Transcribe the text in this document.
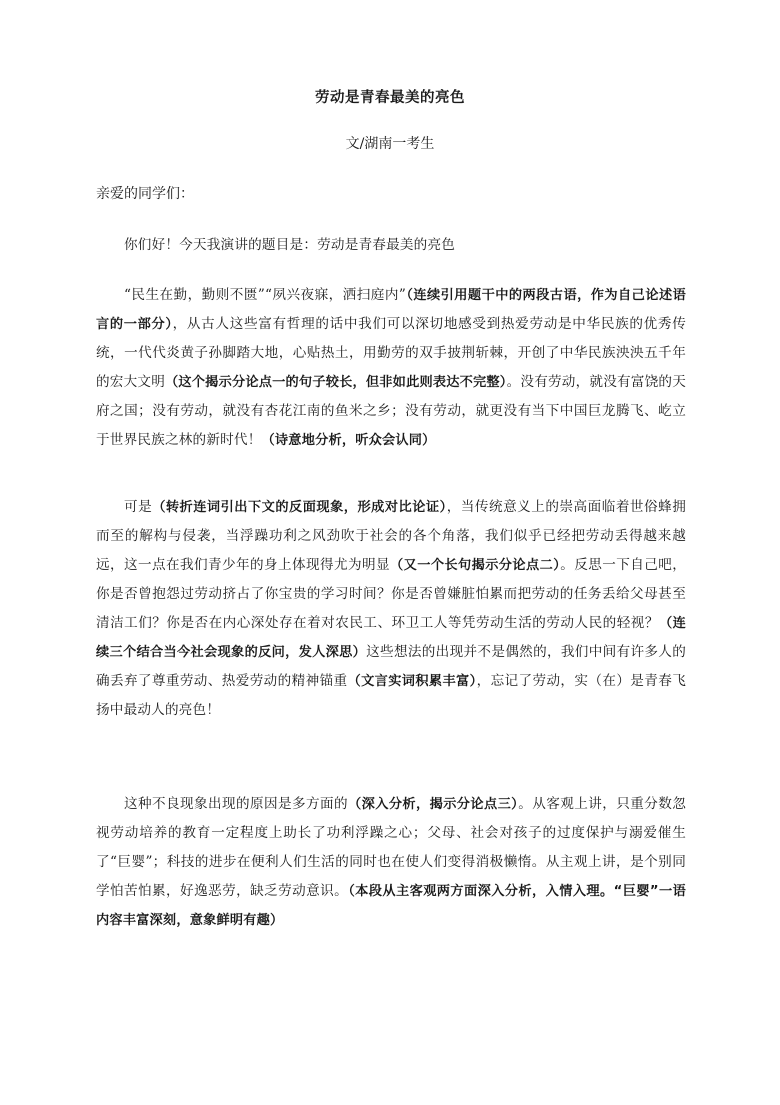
劳动是青春最美的亮色
文/湖南一考生
亲爱的同学们：
你们好！今天我演讲的题目是：劳动是青春最美的亮色
“民生在勤，勤则不匮”“夙兴夜寐，洒扫庭内”（连续引用题干中的两段古语，作为自己论述语言的一部分），从古人这些富有哲理的话中我们可以深切地感受到热爱劳动是中华民族的优秀传统，一代代炎黄子孙脚踏大地，心贴热土，用勤劳的双手披荆斩棘，开创了中华民族泱泱五千年的宏大文明（这个揭示分论点一的句子较长，但非如此则表达不完整）。没有劳动，就没有富饶的天府之国；没有劳动，就没有杏花江南的鱼米之乡；没有劳动，就更没有当下中国巨龙腾飞、屹立于世界民族之林的新时代！（诗意地分析，听众会认同）
可是（转折连词引出下文的反面现象，形成对比论证），当传统意义上的崇高面临着世俗蜂拥而至的解构与侵袭，当浮躁功利之风劲吹于社会的各个角落，我们似乎已经把劳动丢得越来越远，这一点在我们青少年的身上体现得尤为明显（又一个长句揭示分论点二）。反思一下自己吧，你是否曾抱怨过劳动挤占了你宝贵的学习时间？你是否曾嫌脏怕累而把劳动的任务丢给父母甚至清洁工们？你是否在内心深处存在着对农民工、环卫工人等凭劳动生活的劳动人民的轻视？（连续三个结合当今社会现象的反问，发人深思）这些想法的出现并不是偶然的，我们中间有许多人的确丢弃了尊重劳动、热爱劳动的精神锚重（文言实词积累丰富），忘记了劳动，实（在）是青春飞扬中最动人的亮色！
这种不良现象出现的原因是多方面的（深入分析，揭示分论点三）。从客观上讲，只重分数忽视劳动培养的教育一定程度上助长了功利浮躁之心；父母、社会对孩子的过度保护与溺爱催生了“巨婴”；科技的进步在便利人们生活的同时也在使人们变得消极懒惰。从主观上讲，是个别同学怕苦怕累，好逸恶劳，缺乏劳动意识。（本段从主客观两方面深入分析，入情入理。“巨婴”一语内容丰富深刻，意象鲜明有趣）
